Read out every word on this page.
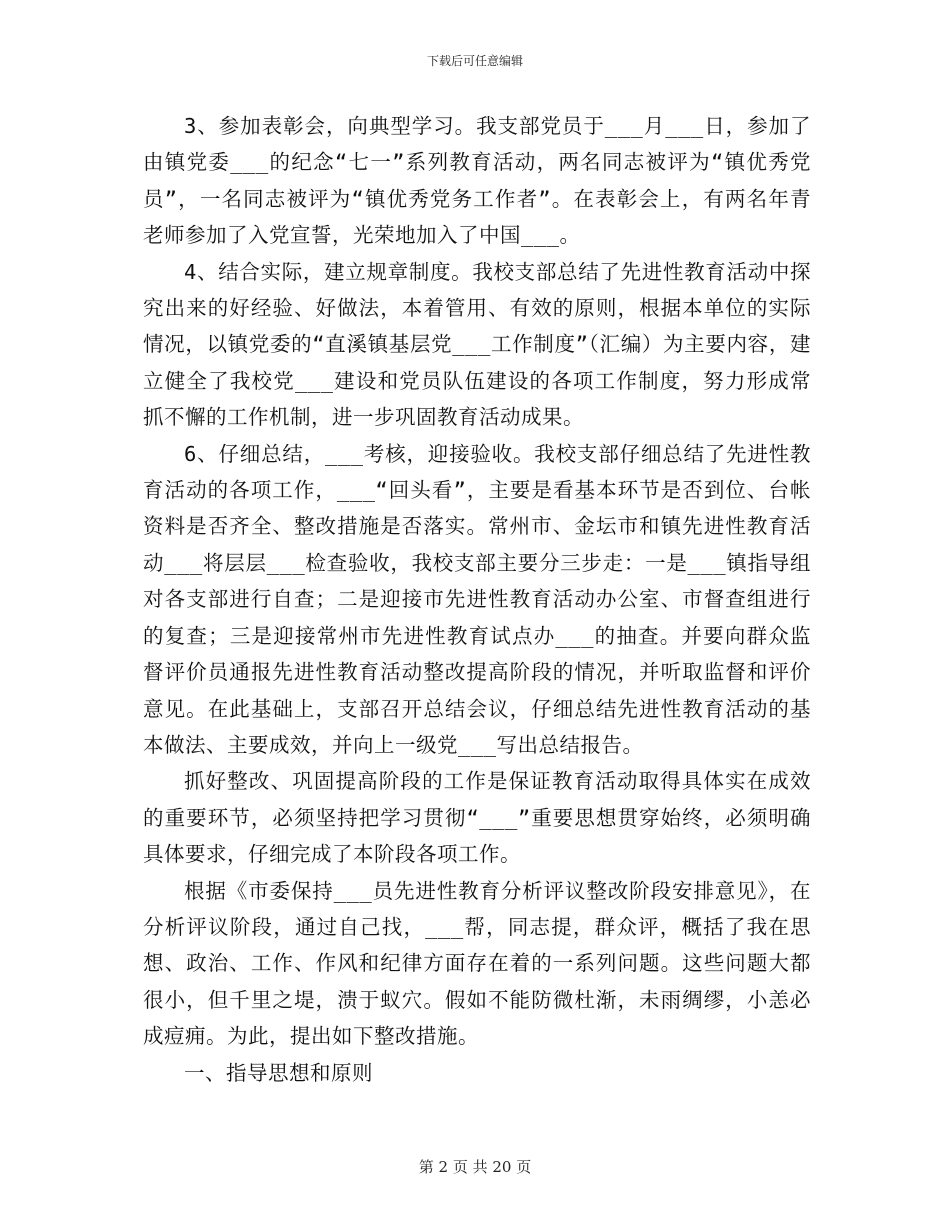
下载后可任意编辑

3、参加表彰会，向典型学习。我支部党员于___月___日，参加了由镇党委___的纪念“七一”系列教育活动，两名同志被评为“镇优秀党员”，一名同志被评为“镇优秀党务工作者”。在表彰会上，有两名年青老师参加了入党宣誓，光荣地加入了中国___。

4、结合实际，建立规章制度。我校支部总结了先进性教育活动中探究出来的好经验、好做法，本着管用、有效的原则，根据本单位的实际情况，以镇党委的“直溪镇基层党___工作制度”（汇编）为主要内容，建立健全了我校党___建设和党员队伍建设的各项工作制度，努力形成常抓不懈的工作机制，进一步巩固教育活动成果。

6、仔细总结，___考核，迎接验收。我校支部仔细总结了先进性教育活动的各项工作，___“回头看”，主要是看基本环节是否到位、台帐资料是否齐全、整改措施是否落实。常州市、金坛市和镇先进性教育活动___将层层___检查验收，我校支部主要分三步走：一是___镇指导组对各支部进行自查；二是迎接市先进性教育活动办公室、市督查组进行的复查；三是迎接常州市先进性教育试点办___的抽查。并要向群众监督评价员通报先进性教育活动整改提高阶段的情况，并听取监督和评价意见。在此基础上，支部召开总结会议，仔细总结先进性教育活动的基本做法、主要成效，并向上一级党___写出总结报告。

抓好整改、巩固提高阶段的工作是保证教育活动取得具体实在成效的重要环节，必须坚持把学习贯彻“___”重要思想贯穿始终，必须明确具体要求，仔细完成了本阶段各项工作。

根据《市委保持___员先进性教育分析评议整改阶段安排意见》，在分析评议阶段，通过自己找，___帮，同志提，群众评，概括了我在思想、政治、工作、作风和纪律方面存在着的一系列问题。这些问题大都很小，但千里之堤，溃于蚁穴。假如不能防微杜渐，未雨绸缪，小恙必成痘痈。为此，提出如下整改措施。

一、指导思想和原则

第 2 页 共 20 页
